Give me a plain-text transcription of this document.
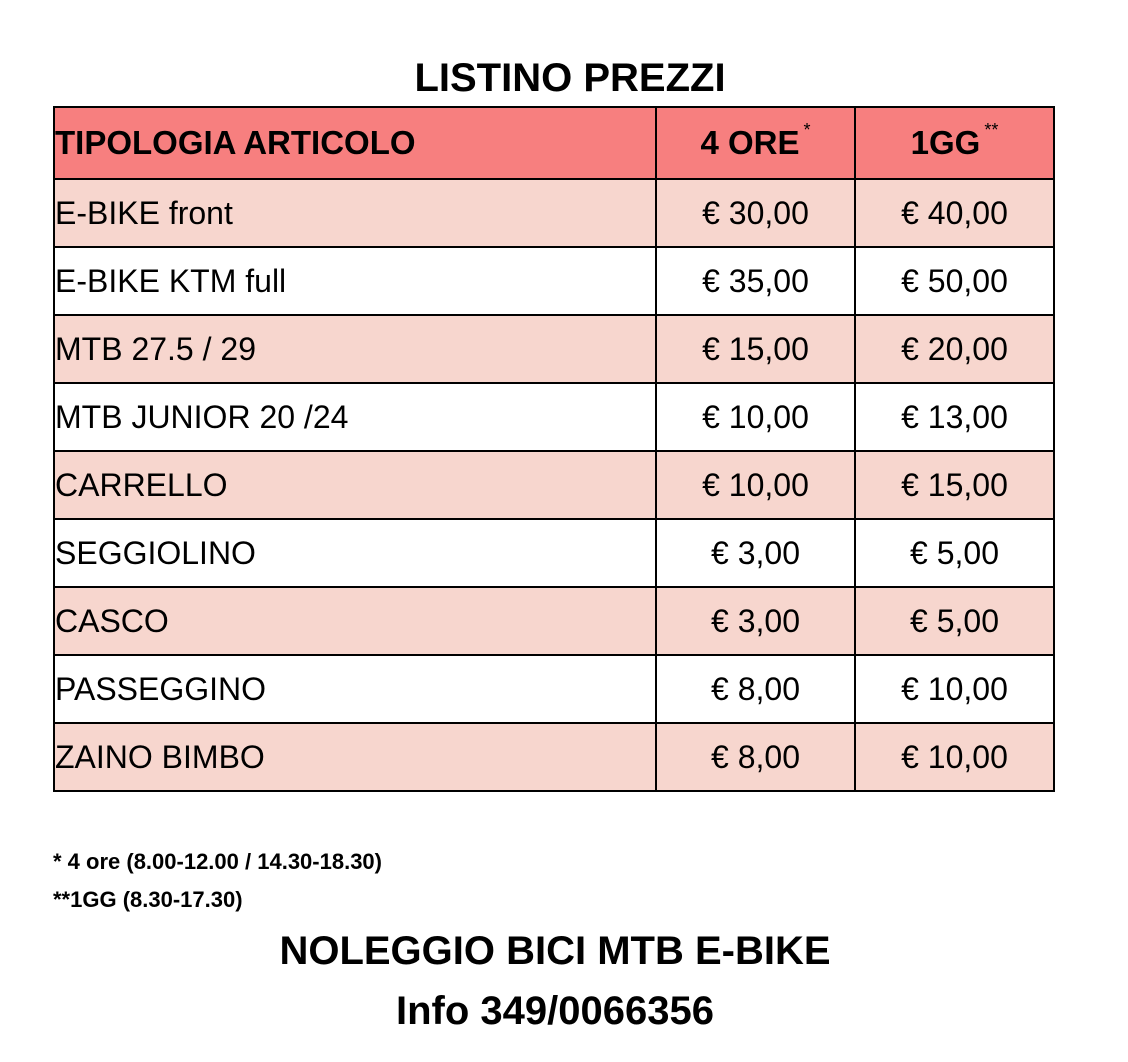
LISTINO PREZZI
TIPOLOGIA ARTICOLO	4 ORE *	1GG **
E-BIKE front	€ 30,00	€ 40,00
E-BIKE KTM full	€ 35,00	€ 50,00
MTB 27.5 / 29	€ 15,00	€ 20,00
MTB JUNIOR 20 /24	€ 10,00	€ 13,00
CARRELLO	€ 10,00	€ 15,00
SEGGIOLINO	€ 3,00	€ 5,00
CASCO	€ 3,00	€ 5,00
PASSEGGINO	€ 8,00	€ 10,00
ZAINO BIMBO	€ 8,00	€ 10,00
* 4 ore (8.00-12.00 / 14.30-18.30)
**1GG (8.30-17.30)
NOLEGGIO BICI MTB E-BIKE
Info 349/0066356
